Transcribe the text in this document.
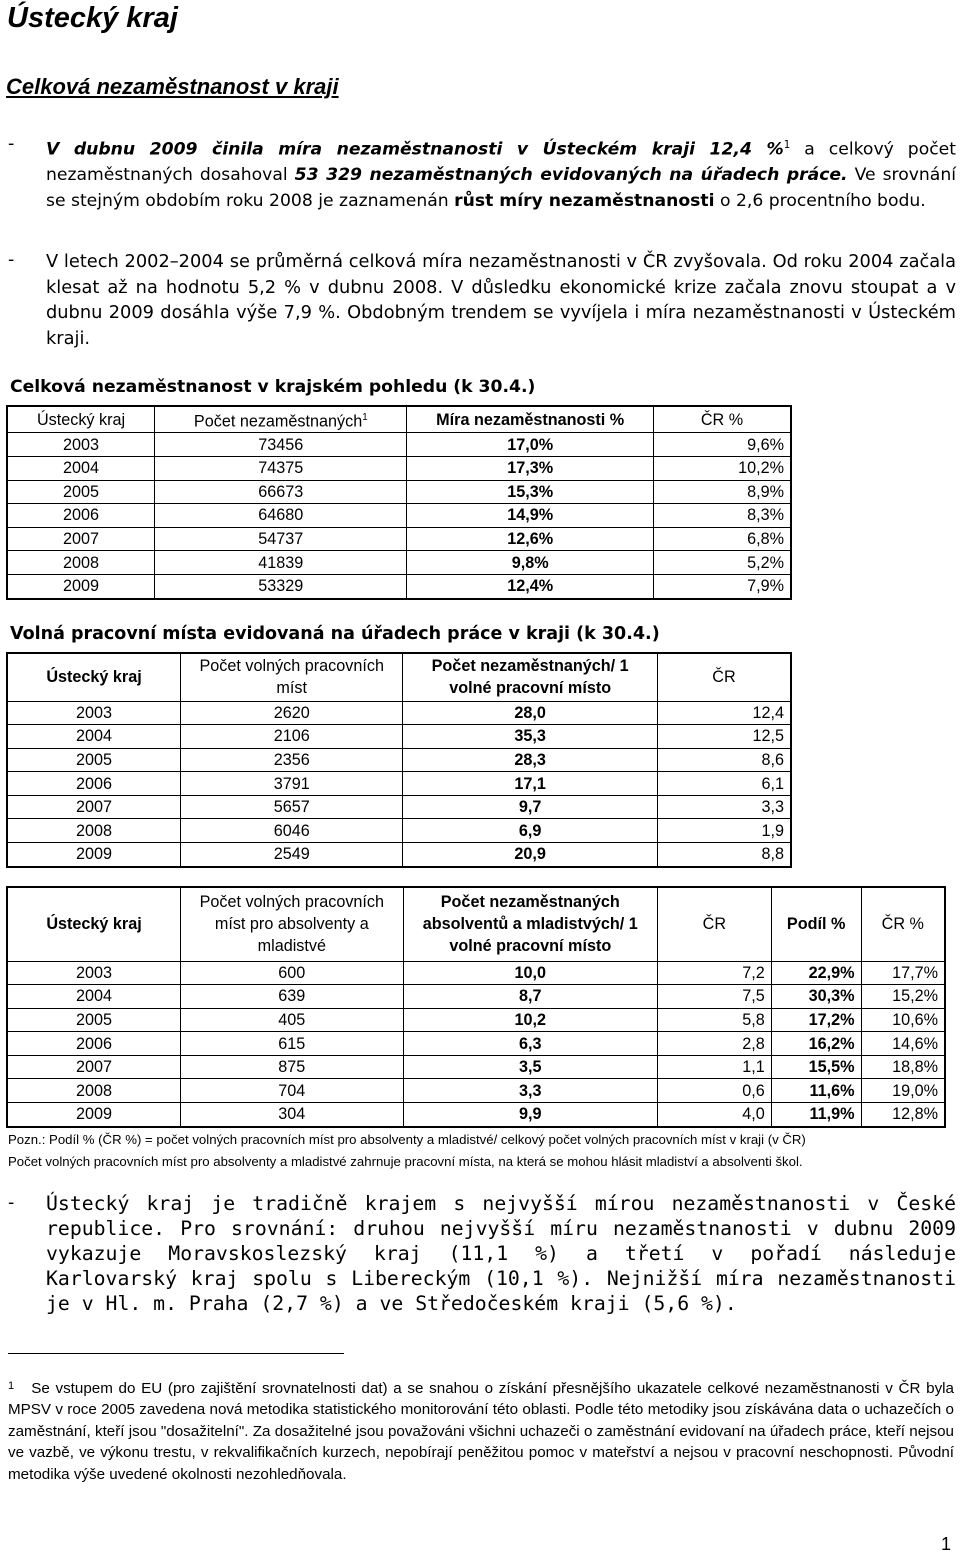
Ústecký kraj
Celková nezaměstnanost v kraji
- V dubnu 2009 činila míra nezaměstnanosti v Ústeckém kraji 12,4 %$^1$ a celkový počet nezaměstnaných dosahoval 53 329 nezaměstnaných evidovaných na úřadech práce. Ve srovnání se stejným obdobím roku 2008 je zaznamenán růst míry nezaměstnanosti o 2,6 procentního bodu.
- V letech 2002–2004 se průměrná celková míra nezaměstnanosti v ČR zvyšovala. Od roku 2004 začala klesat až na hodnotu 5,2 % v dubnu 2008. V důsledku ekonomické krize začala znovu stoupat a v dubnu 2009 dosáhla výše 7,9 %. Obdobným trendem se vyvíjela i míra nezaměstnanosti v Ústeckém kraji.
Celková nezaměstnanost v krajském pohledu (k 30.4.)
Ústecký kraj	Počet nezaměstnaných$^1$	Míra nezaměstnanosti %	ČR %
2003	73456	17,0%	9,6%
2004	74375	17,3%	10,2%
2005	66673	15,3%	8,9%
2006	64680	14,9%	8,3%
2007	54737	12,6%	6,8%
2008	41839	9,8%	5,2%
2009	53329	12,4%	7,9%
Volná pracovní místa evidovaná na úřadech práce v kraji (k 30.4.)
Ústecký kraj	Počet volných pracovních míst	Počet nezaměstnaných/ 1 volné pracovní místo	ČR
2003	2620	28,0	12,4
2004	2106	35,3	12,5
2005	2356	28,3	8,6
2006	3791	17,1	6,1
2007	5657	9,7	3,3
2008	6046	6,9	1,9
2009	2549	20,9	8,8
Ústecký kraj	Počet volných pracovních míst pro absolventy a mladistvé	Počet nezaměstnaných absolventů a mladistvých/ 1 volné pracovní místo	ČR	Podíl %	ČR %
2003	600	10,0	7,2	22,9%	17,7%
2004	639	8,7	7,5	30,3%	15,2%
2005	405	10,2	5,8	17,2%	10,6%
2006	615	6,3	2,8	16,2%	14,6%
2007	875	3,5	1,1	15,5%	18,8%
2008	704	3,3	0,6	11,6%	19,0%
2009	304	9,9	4,0	11,9%	12,8%
Pozn.: Podíl % (ČR %) = počet volných pracovních míst pro absolventy a mladistvé/ celkový počet volných pracovních míst v kraji (v ČR)
Počet volných pracovních míst pro absolventy a mladistvé zahrnuje pracovní místa, na která se mohou hlásit mladiství a absolventi škol.
- Ústecký kraj je tradičně krajem s nejvyšší mírou nezaměstnanosti v České republice. Pro srovnání: druhou nejvyšší míru nezaměstnanosti v dubnu 2009 vykazuje Moravskoslezský kraj (11,1 %) a třetí v pořadí následuje Karlovarský kraj spolu s Libereckým (10,1 %). Nejnižší míra nezaměstnanosti je v Hl. m. Praha (2,7 %) a ve Středočeském kraji (5,6 %).
$^1$ Se vstupem do EU (pro zajištění srovnatelnosti dat) a se snahou o získání přesnějšího ukazatele celkové nezaměstnanosti v ČR byla MPSV v roce 2005 zavedena nová metodika statistického monitorování této oblasti. Podle této metodiky jsou získávána data o uchazečích o zaměstnání, kteří jsou "dosažitelní". Za dosažitelné jsou považováni všichni uchazeči o zaměstnání evidovaní na úřadech práce, kteří nejsou ve vazbě, ve výkonu trestu, v rekvalifikačních kurzech, nepobírají peněžitou pomoc v mateřství a nejsou v pracovní neschopnosti. Původní metodika výše uvedené okolnosti nezohledňovala.
1
